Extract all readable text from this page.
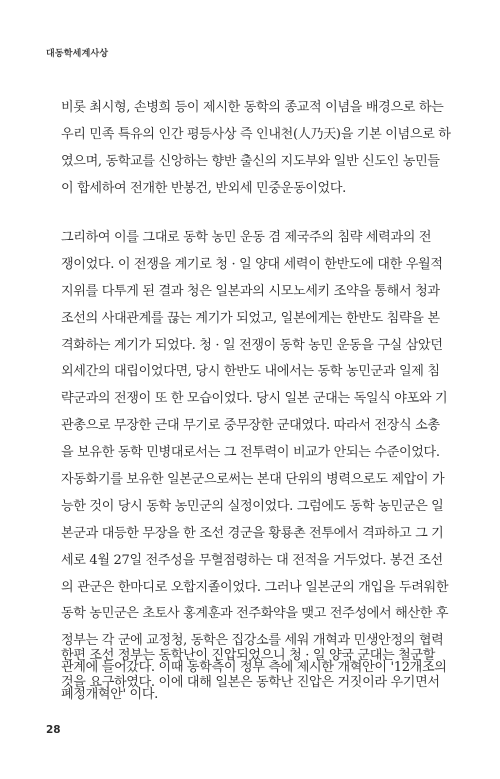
대동학세계사상
비롯 최시형, 손병희 등이 제시한 동학의 종교적 이념을 배경으로 하는
우리 민족 특유의 인간 평등사상 즉 인내천(人乃天)을 기본 이념으로 하
였으며, 동학교를 신앙하는 향반 출신의 지도부와 일반 신도인 농민들
이 합세하여 전개한 반봉건, 반외세 민중운동이었다.
그리하여 이를 그대로 동학 농민 운동 겸 제국주의 침략 세력과의 전
쟁이었다. 이 전쟁을 계기로 청 · 일 양대 세력이 한반도에 대한 우월적
지위를 다투게 된 결과 청은 일본과의 시모노세키 조약을 통해서 청과
조선의 사대관계를 끊는 계기가 되었고, 일본에게는 한반도 침략을 본
격화하는 계기가 되었다. 청 · 일 전쟁이 동학 농민 운동을 구실 삼았던
외세간의 대립이었다면, 당시 한반도 내에서는 동학 농민군과 일제 침
략군과의 전쟁이 또 한 모습이었다. 당시 일본 군대는 독일식 야포와 기
관총으로 무장한 근대 무기로 중무장한 군대였다. 따라서 전장식 소총
을 보유한 동학 민병대로서는 그 전투력이 비교가 안되는 수준이었다.
자동화기를 보유한 일본군으로써는 본대 단위의 병력으로도 제압이 가
능한 것이 당시 동학 농민군의 실정이었다. 그럼에도 동학 농민군은 일
본군과 대등한 무장을 한 조선 경군을 황룡촌 전투에서 격파하고 그 기
세로 4월 27일 전주성을 무혈점령하는 대 전적을 거두었다. 봉건 조선
의 관군은 한마디로 오합지졸이었다. 그러나 일본군의 개입을 두려워한
동학 농민군은 초토사 홍계훈과 전주화약을 맺고 전주성에서 해산한 후
정부는 각 군에 교정청, 동학은 집강소를 세워 개혁과 민생안정의 협력
관계에 들어갔다. 이때 동학측이 정부 측에 제시한 개혁안이 '12개조의
폐정개혁안' 이다.
한편 조선 정부는 동학난이 진압되었으니 청 · 일 양국 군대는 철군할
것을 요구하였다. 이에 대해 일본은 동학난 진압은 거짓이라 우기면서
28
